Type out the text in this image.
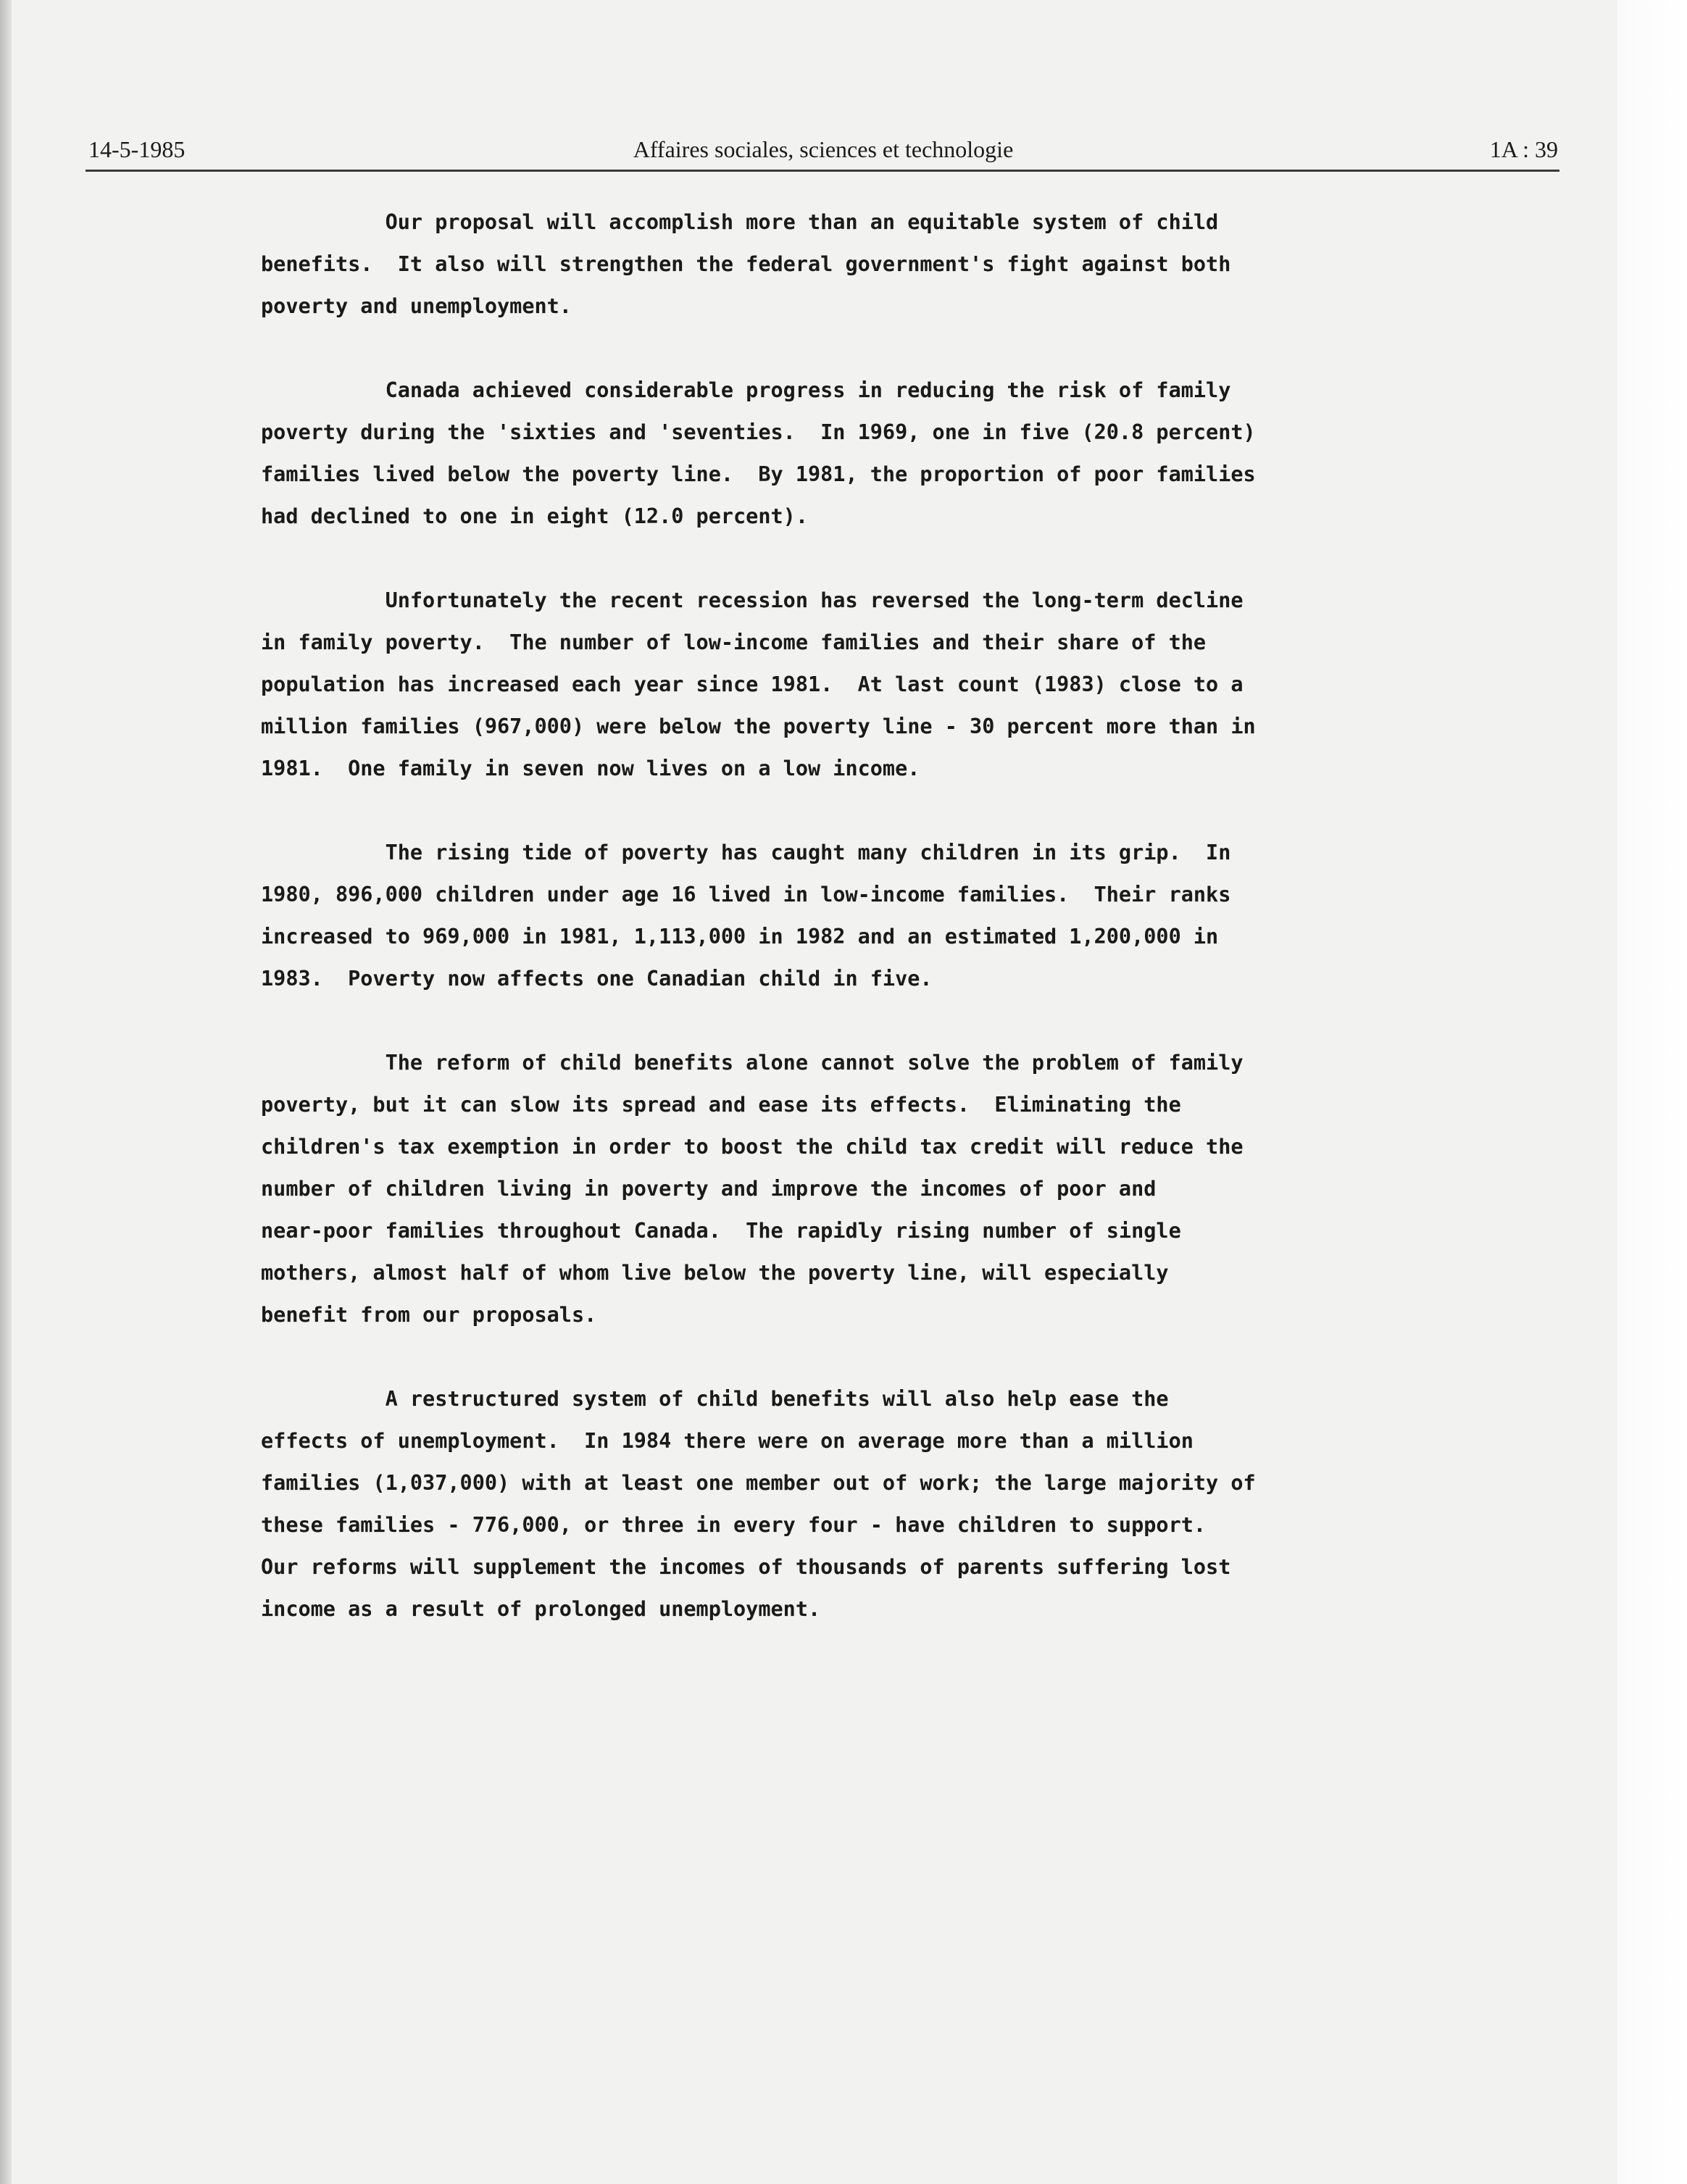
14-5-1985	Affaires sociales, sciences et technologie	1A : 39
Our proposal will accomplish more than an equitable system of child
benefits.  It also will strengthen the federal government's fight against both
poverty and unemployment.
Canada achieved considerable progress in reducing the risk of family
poverty during the 'sixties and 'seventies.  In 1969, one in five (20.8 percent)
families lived below the poverty line.  By 1981, the proportion of poor families
had declined to one in eight (12.0 percent).
Unfortunately the recent recession has reversed the long-term decline
in family poverty.  The number of low-income families and their share of the
population has increased each year since 1981.  At last count (1983) close to a
million families (967,000) were below the poverty line - 30 percent more than in
1981.  One family in seven now lives on a low income.
The rising tide of poverty has caught many children in its grip.  In
1980, 896,000 children under age 16 lived in low-income families.  Their ranks
increased to 969,000 in 1981, 1,113,000 in 1982 and an estimated 1,200,000 in
1983.  Poverty now affects one Canadian child in five.
The reform of child benefits alone cannot solve the problem of family
poverty, but it can slow its spread and ease its effects.  Eliminating the
children's tax exemption in order to boost the child tax credit will reduce the
number of children living in poverty and improve the incomes of poor and
near-poor families throughout Canada.  The rapidly rising number of single
mothers, almost half of whom live below the poverty line, will especially
benefit from our proposals.
A restructured system of child benefits will also help ease the
effects of unemployment.  In 1984 there were on average more than a million
families (1,037,000) with at least one member out of work; the large majority of
these families - 776,000, or three in every four - have children to support.
Our reforms will supplement the incomes of thousands of parents suffering lost
income as a result of prolonged unemployment.
